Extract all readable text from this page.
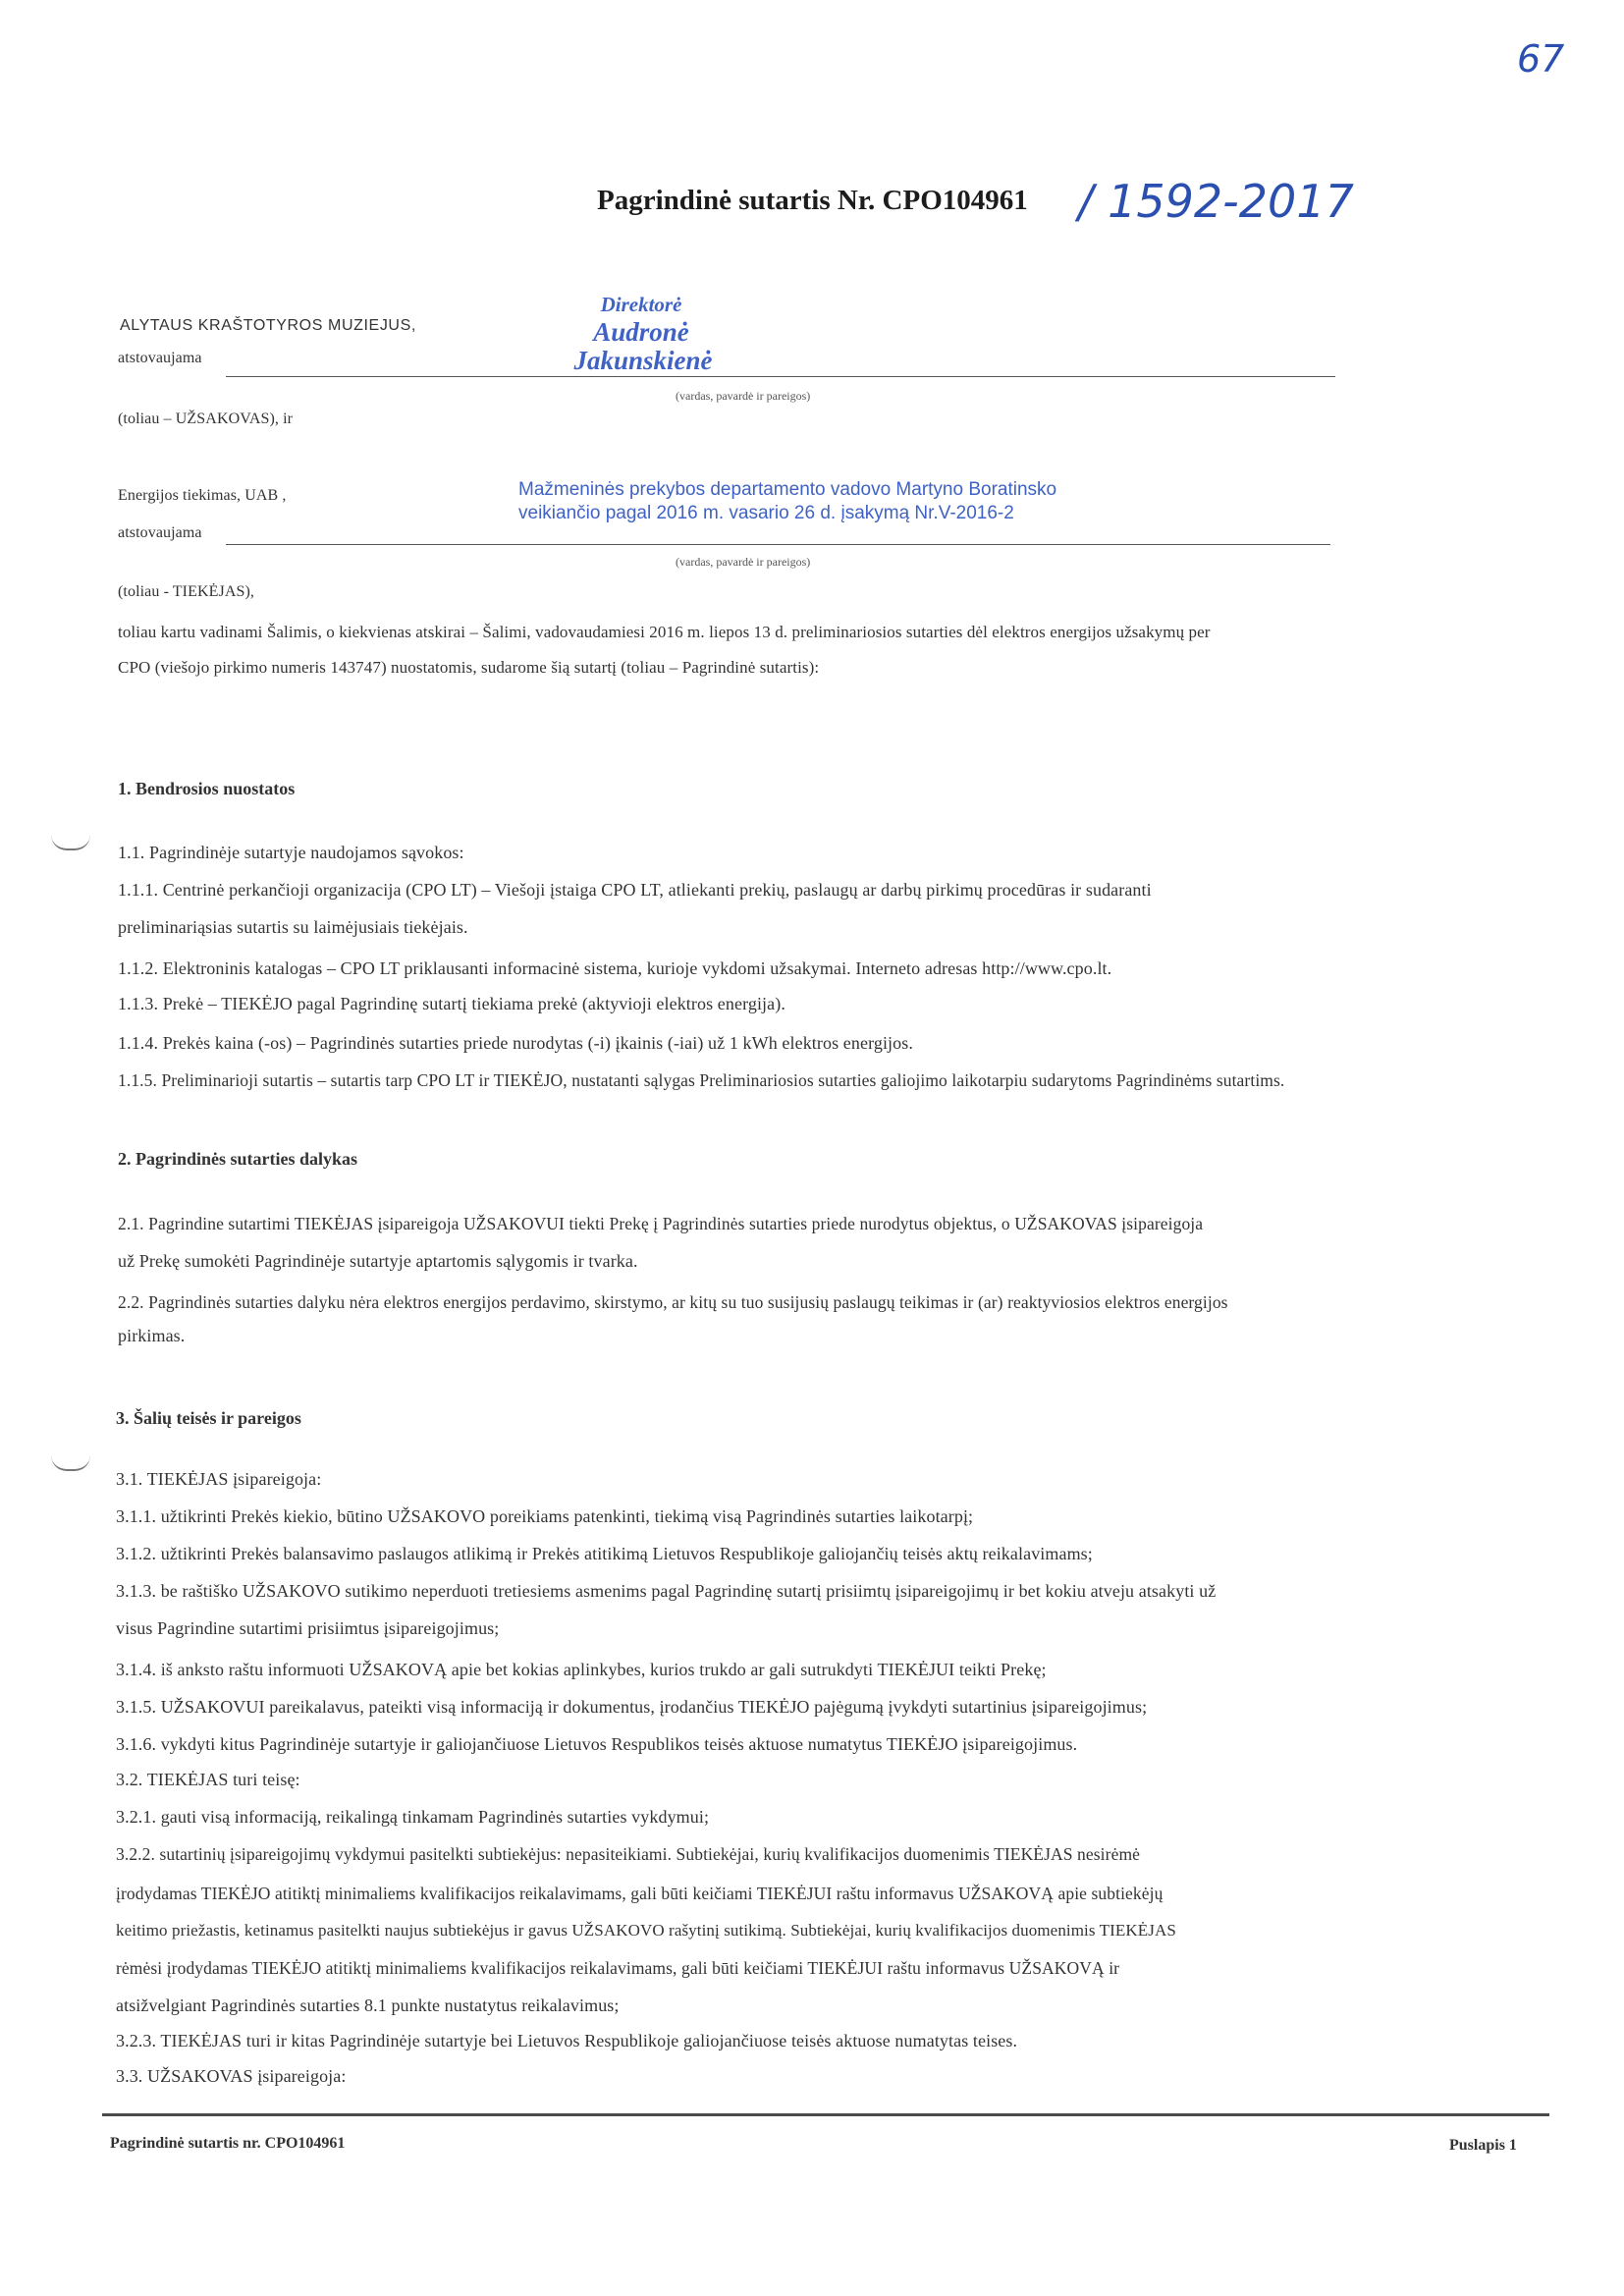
67
Pagrindinė sutartis Nr. CPO104961 / 1592-2017
ALYTAUS KRAŠTOTYROS MUZIEJUS,
atstovaujama
Direktorė
Audronė
Jakunskienė
(vardas, pavardė ir pareigos)
(toliau – UŽSAKOVAS), ir
Energijos tiekimas, UAB ,	Mažmeninės prekybos departamento vadovo Martyno Boratinsko
veikiančio pagal 2016 m. vasario 26 d. įsakymą Nr.V-2016-2
atstovaujama
(vardas, pavardė ir pareigos)
(toliau - TIEKĖJAS),
toliau kartu vadinami Šalimis, o kiekvienas atskirai – Šalimi, vadovaudamiesi 2016 m. liepos 13 d. preliminariosios sutarties dėl elektros energijos užsakymų per
CPO (viešojo pirkimo numeris 143747) nuostatomis, sudarome šią sutartį (toliau – Pagrindinė sutartis):
1. Bendrosios nuostatos
1.1. Pagrindinėje sutartyje naudojamos sąvokos:
1.1.1. Centrinė perkančioji organizacija (CPO LT) – Viešoji įstaiga CPO LT, atliekanti prekių, paslaugų ar darbų pirkimų procedūras ir sudaranti
preliminariąsias sutartis su laimėjusiais tiekėjais.
1.1.2. Elektroninis katalogas – CPO LT priklausanti informacinė sistema, kurioje vykdomi užsakymai. Interneto adresas http://www.cpo.lt.
1.1.3. Prekė – TIEKĖJO pagal Pagrindinę sutartį tiekiama prekė (aktyvioji elektros energija).
1.1.4. Prekės kaina (-os) – Pagrindinės sutarties priede nurodytas (-i) įkainis (-iai) už 1 kWh elektros energijos.
1.1.5. Preliminarioji sutartis – sutartis tarp CPO LT ir TIEKĖJO, nustatanti sąlygas Preliminariosios sutarties galiojimo laikotarpiu sudarytoms Pagrindinėms sutartims.
2. Pagrindinės sutarties dalykas
2.1. Pagrindine sutartimi TIEKĖJAS įsipareigoja UŽSAKOVUI tiekti Prekę į Pagrindinės sutarties priede nurodytus objektus, o UŽSAKOVAS įsipareigoja
už Prekę sumokėti Pagrindinėje sutartyje aptartomis sąlygomis ir tvarka.
2.2. Pagrindinės sutarties dalyku nėra elektros energijos perdavimo, skirstymo, ar kitų su tuo susijusių paslaugų teikimas ir (ar) reaktyviosios elektros energijos
pirkimas.
3. Šalių teisės ir pareigos
3.1. TIEKĖJAS įsipareigoja:
3.1.1. užtikrinti Prekės kiekio, būtino UŽSAKOVO poreikiams patenkinti, tiekimą visą Pagrindinės sutarties laikotarpį;
3.1.2. užtikrinti Prekės balansavimo paslaugos atlikimą ir Prekės atitikimą Lietuvos Respublikoje galiojančių teisės aktų reikalavimams;
3.1.3. be raštiško UŽSAKOVO sutikimo neperduoti tretiesiems asmenims pagal Pagrindinę sutartį prisiimtų įsipareigojimų ir bet kokiu atveju atsakyti už
visus Pagrindine sutartimi prisiimtus įsipareigojimus;
3.1.4. iš anksto raštu informuoti UŽSAKOVĄ apie bet kokias aplinkybes, kurios trukdo ar gali sutrukdyti TIEKĖJUI teikti Prekę;
3.1.5. UŽSAKOVUI pareikalavus, pateikti visą informaciją ir dokumentus, įrodančius TIEKĖJO pajėgumą įvykdyti sutartinius įsipareigojimus;
3.1.6. vykdyti kitus Pagrindinėje sutartyje ir galiojančiuose Lietuvos Respublikos teisės aktuose numatytus TIEKĖJO įsipareigojimus.
3.2. TIEKĖJAS turi teisę:
3.2.1. gauti visą informaciją, reikalingą tinkamam Pagrindinės sutarties vykdymui;
3.2.2. sutartinių įsipareigojimų vykdymui pasitelkti subtiekėjus: nepasiteikiami. Subtiekėjai, kurių kvalifikacijos duomenimis TIEKĖJAS nesirėmė
įrodydamas TIEKĖJO atitiktį minimaliems kvalifikacijos reikalavimams, gali būti keičiami TIEKĖJUI raštu informavus UŽSAKOVĄ apie subtiekėjų
keitimo priežastis, ketinamus pasitelkti naujus subtiekėjus ir gavus UŽSAKOVO rašytinį sutikimą. Subtiekėjai, kurių kvalifikacijos duomenimis TIEKĖJAS
rėmėsi įrodydamas TIEKĖJO atitiktį minimaliems kvalifikacijos reikalavimams, gali būti keičiami TIEKĖJUI raštu informavus UŽSAKOVĄ ir
atsižvelgiant Pagrindinės sutarties 8.1 punkte nustatytus reikalavimus;
3.2.3. TIEKĖJAS turi ir kitas Pagrindinėje sutartyje bei Lietuvos Respublikoje galiojančiuose teisės aktuose numatytas teises.
3.3. UŽSAKOVAS įsipareigoja:
Pagrindinė sutartis nr. CPO104961	Puslapis 1
